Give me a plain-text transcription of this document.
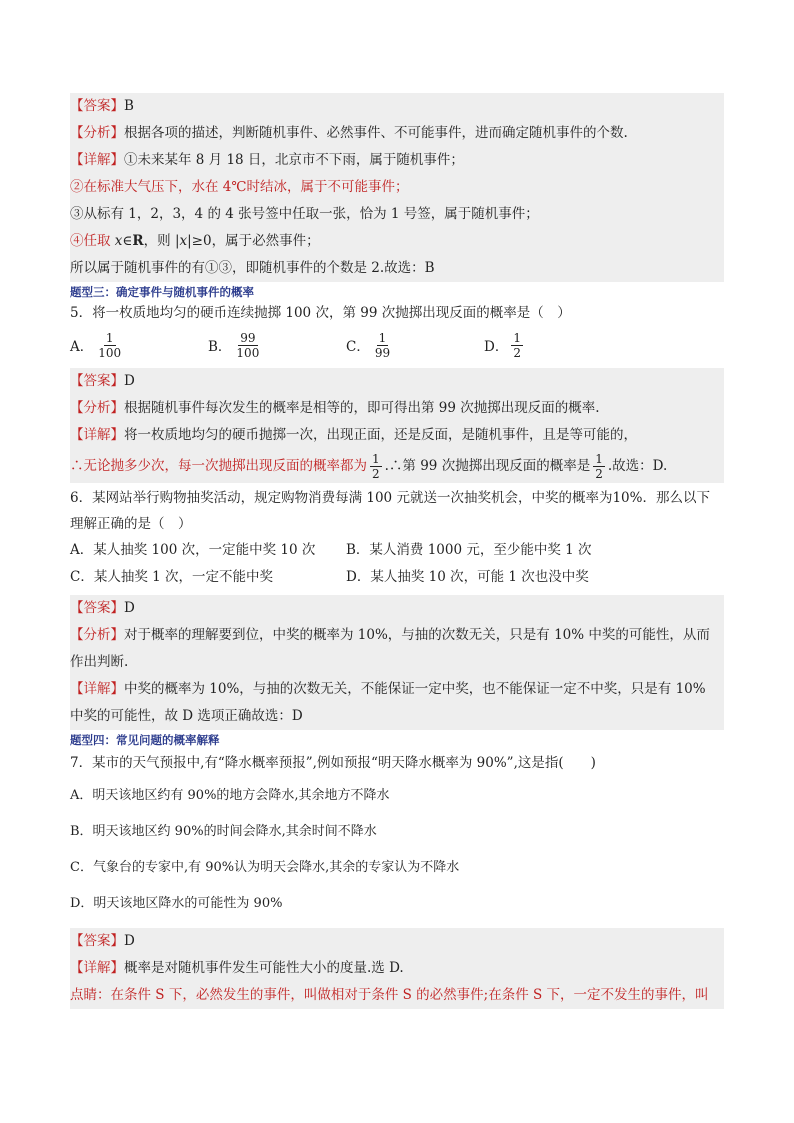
【答案】B
【分析】根据各项的描述，判断随机事件、必然事件、不可能事件，进而确定随机事件的个数.
【详解】①未来某年 8 月 18 日，北京市不下雨，属于随机事件；
②在标准大气压下，水在 4℃时结冰，属于不可能事件；
③从标有 1，2，3，4 的 4 张号签中任取一张，恰为 1 号签，属于随机事件；
④任取 x∈R，则 |x|≥0，属于必然事件；
所以属于随机事件的有①③，即随机事件的个数是 2.故选：B
题型三：确定事件与随机事件的概率
5．将一枚质地均匀的硬币连续抛掷 100 次，第 99 次抛掷出现反面的概率是（　）
A． $\frac{1}{100}$	B． $\frac{99}{100}$	C． $\frac{1}{99}$	D． $\frac{1}{2}$
【答案】D
【分析】根据随机事件每次发生的概率是相等的，即可得出第 99 次抛掷出现反面的概率.
【详解】将一枚质地均匀的硬币抛掷一次，出现正面，还是反面，是随机事件，且是等可能的，
∴无论抛多少次，每一次抛掷出现反面的概率都为 $\frac{1}{2}$ .∴第 99 次抛掷出现反面的概率是 $\frac{1}{2}$ .故选：D.
6．某网站举行购物抽奖活动，规定购物消费每满 100 元就送一次抽奖机会，中奖的概率为10%．那么以下
理解正确的是（　）
A．某人抽奖 100 次，一定能中奖 10 次	B．某人消费 1000 元，至少能中奖 1 次
C．某人抽奖 1 次，一定不能中奖	D．某人抽奖 10 次，可能 1 次也没中奖
【答案】D
【分析】对于概率的理解要到位，中奖的概率为 10%，与抽的次数无关，只是有 10% 中奖的可能性，从而
作出判断.
【详解】中奖的概率为 10%，与抽的次数无关，不能保证一定中奖，也不能保证一定不中奖，只是有 10%
中奖的可能性，故 D 选项正确故选：D
题型四：常见问题的概率解释
7．某市的天气预报中,有“降水概率预报”,例如预报“明天降水概率为 90%”,这是指(　　)
A．明天该地区约有 90%的地方会降水,其余地方不降水
B．明天该地区约 90%的时间会降水,其余时间不降水
C．气象台的专家中,有 90%认为明天会降水,其余的专家认为不降水
D．明天该地区降水的可能性为 90%
【答案】D
【详解】概率是对随机事件发生可能性大小的度量.选 D.
点睛：在条件 S 下，必然发生的事件，叫做相对于条件 S 的必然事件;在条件 S 下，一定不发生的事件，叫
